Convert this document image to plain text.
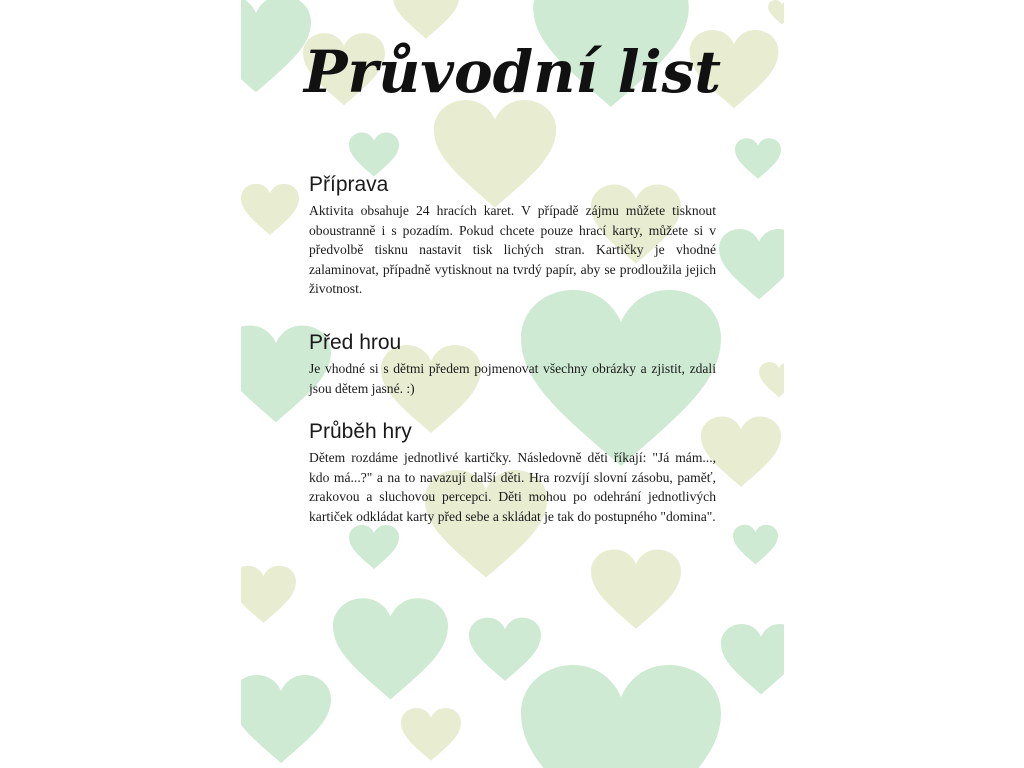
Průvodní list
Příprava

Aktivita obsahuje 24 hracích karet. V případě zájmu můžete tisknout oboustranně i s pozadím. Pokud chcete pouze hrací karty, můžete si v předvolbě tisknu nastavit tisk lichých stran. Kartičky je vhodné zalaminovat, případně vytisknout na tvrdý papír, aby se prodloužila jejich životnost.

Před hrou

Je vhodné si s dětmi předem pojmenovat všechny obrázky a zjistit, zdali jsou dětem jasné. :)

Průběh hry

Dětem rozdáme jednotlivé kartičky. Následovně děti říkají: "Já mám..., kdo má...?" a na to navazují další děti. Hra rozvíjí slovní zásobu, paměť, zrakovou a sluchovou percepci. Děti mohou po odehrání jednotlivých kartiček odkládat karty před sebe a skládat je tak do postupného "domina".
